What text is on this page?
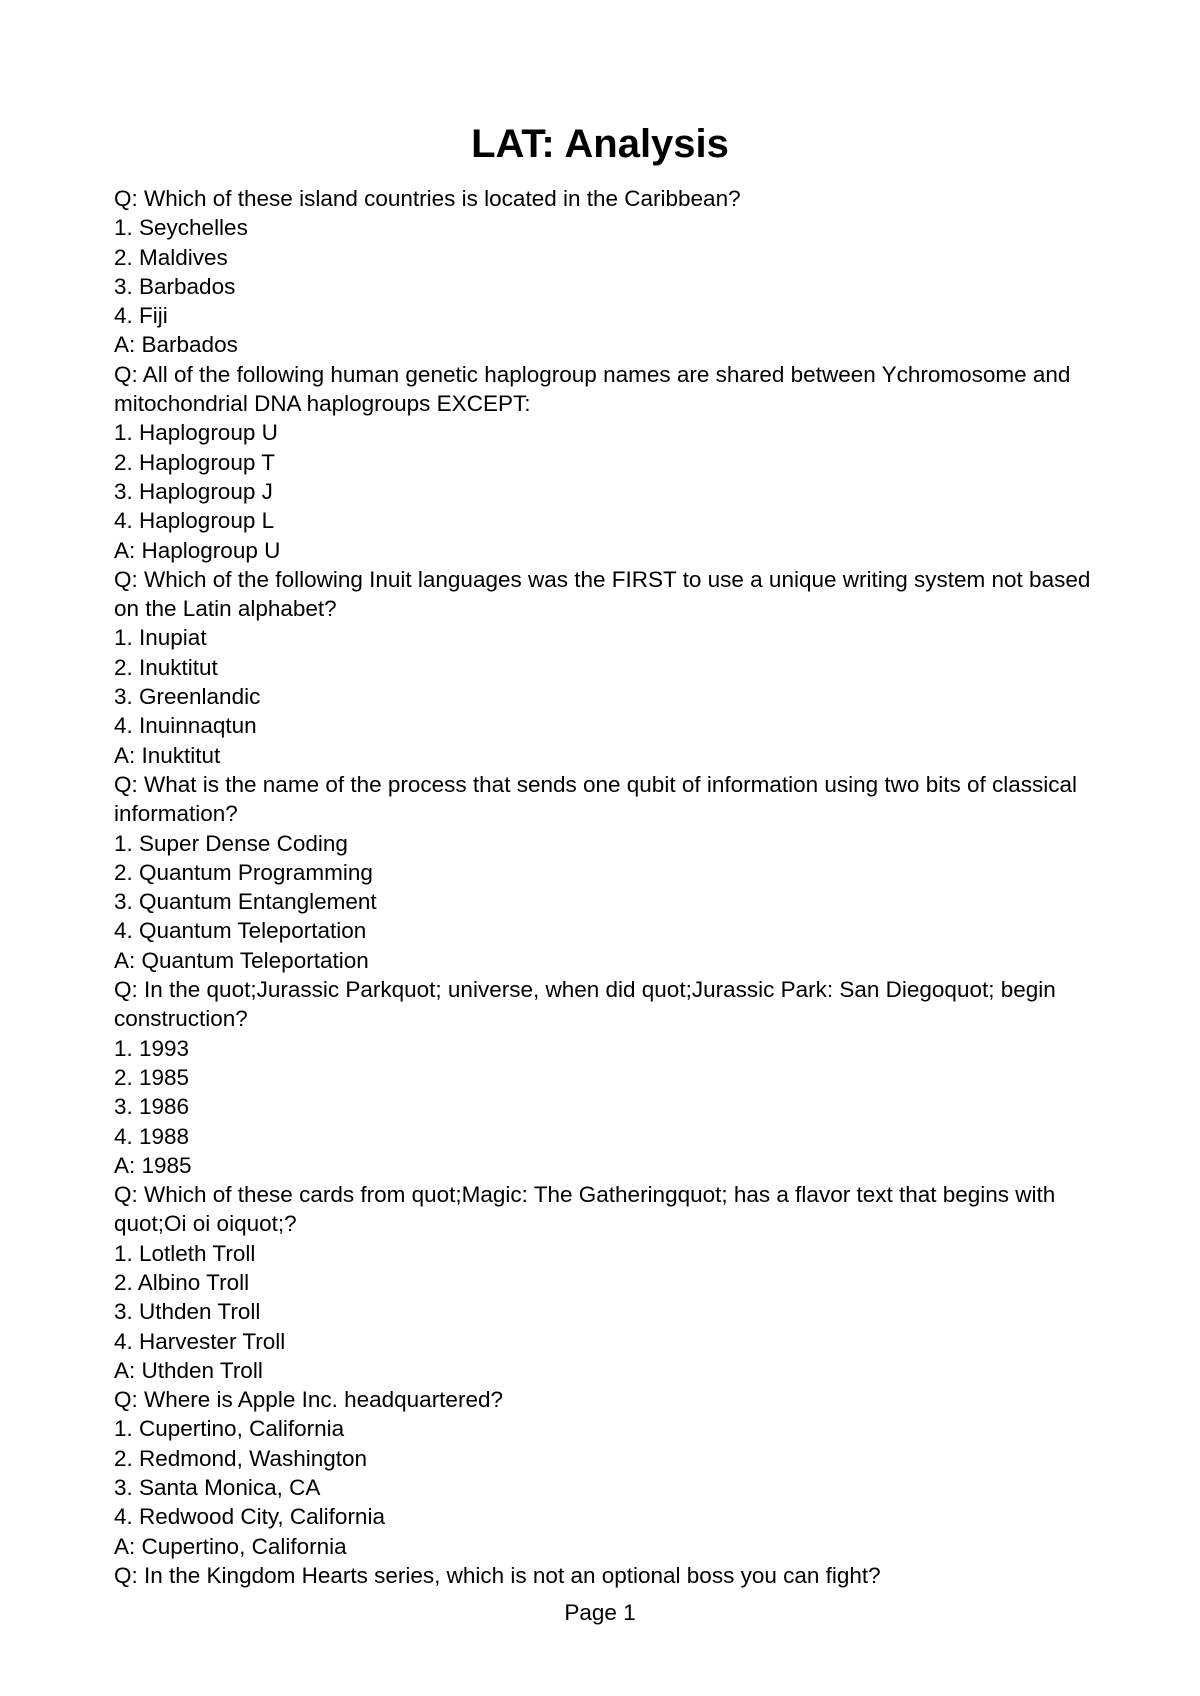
LAT: Analysis
Q: Which of these island countries is located in the Caribbean?
1. Seychelles
2. Maldives
3. Barbados
4. Fiji
A: Barbados
Q: All of the following human genetic haplogroup names are shared between Ychromosome and mitochondrial DNA haplogroups EXCEPT:
1. Haplogroup U
2. Haplogroup T
3. Haplogroup J
4. Haplogroup L
A: Haplogroup U
Q: Which of the following Inuit languages was the FIRST to use a unique writing system not based on the Latin alphabet?
1. Inupiat
2. Inuktitut
3. Greenlandic
4. Inuinnaqtun
A: Inuktitut
Q: What is the name of the process that sends one qubit of information using two bits of classical information?
1. Super Dense Coding
2. Quantum Programming
3. Quantum Entanglement
4. Quantum Teleportation
A: Quantum Teleportation
Q: In the quot;Jurassic Parkquot; universe, when did quot;Jurassic Park: San Diegoquot; begin construction?
1. 1993
2. 1985
3. 1986
4. 1988
A: 1985
Q: Which of these cards from quot;Magic: The Gatheringquot; has a flavor text that begins with quot;Oi oi oiquot;?
1. Lotleth Troll
2. Albino Troll
3. Uthden Troll
4. Harvester Troll
A: Uthden Troll
Q: Where is Apple Inc. headquartered?
1. Cupertino, California
2. Redmond, Washington
3. Santa Monica, CA
4. Redwood City, California
A: Cupertino, California
Q: In the Kingdom Hearts series, which is not an optional boss you can fight?
Page 1
